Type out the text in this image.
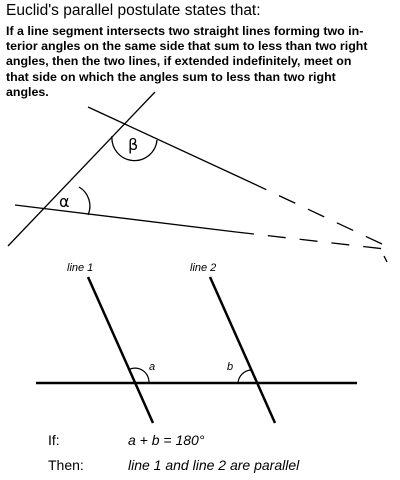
Euclid's parallel postulate states that:

If a line segment intersects two straight lines forming two in-
terior angles on the same side that sum to less than two right
angles, then the two lines, if extended indefinitely, meet on
that side on which the angles sum to less than two right
angles.

β
α
line 1	line 2
a	b
If:	a + b = 180°
Then:	line 1 and line 2 are parallel
